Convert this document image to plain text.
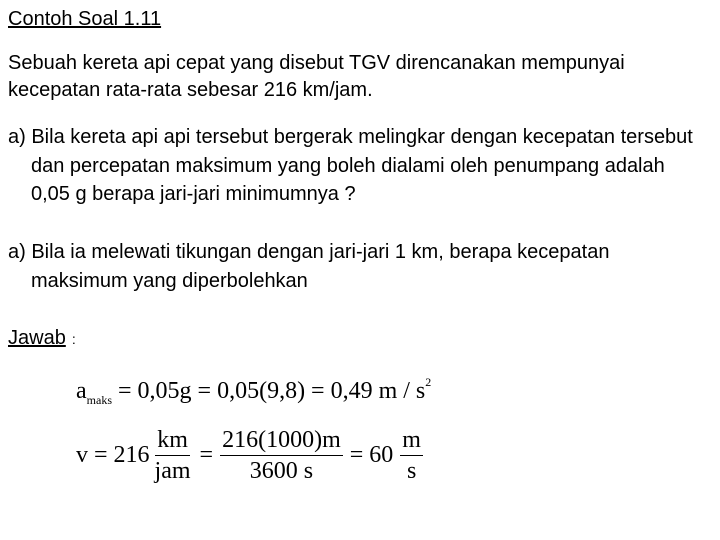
Contoh Soal 1.11
Sebuah kereta api cepat yang disebut TGV direncanakan mempunyai kecepatan rata-rata sebesar 216 km/jam.
a) Bila kereta api api tersebut bergerak melingkar dengan kecepatan tersebut dan percepatan maksimum yang boleh dialami oleh penumpang adalah 0,05 g berapa jari-jari minimumnya ?
a) Bila ia melewati tikungan dengan jari-jari 1 km, berapa kecepatan maksimum yang diperbolehkan
Jawab :
$a_{maks} = 0,05g = 0,05(9,8) = 0,49$ m / $s^2$
$v = 216 \frac{km}{\text{jam}} = \frac{216(1000)m}{3600 s} = 60 \frac{m}{s}$
